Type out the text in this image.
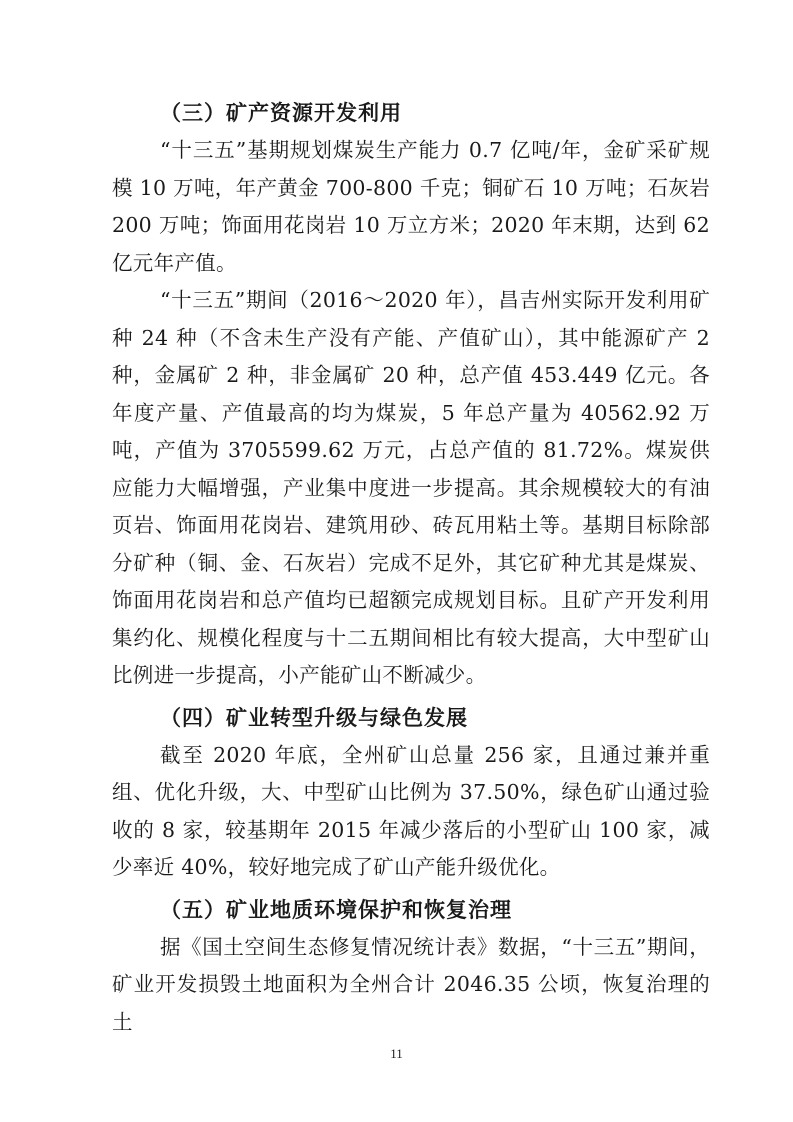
（三）矿产资源开发利用

“十三五”基期规划煤炭生产能力 0.7 亿吨/年，金矿采矿规模 10 万吨，年产黄金 700-800 千克；铜矿石 10 万吨；石灰岩 200 万吨；饰面用花岗岩 10 万立方米；2020 年末期，达到 62 亿元年产值。

“十三五”期间（2016～2020 年），昌吉州实际开发利用矿种 24 种（不含未生产没有产能、产值矿山），其中能源矿产 2 种，金属矿 2 种，非金属矿 20 种，总产值 453.449 亿元。各年度产量、产值最高的均为煤炭，5 年总产量为 40562.92 万吨，产值为 3705599.62 万元，占总产值的 81.72%。煤炭供应能力大幅增强，产业集中度进一步提高。其余规模较大的有油页岩、饰面用花岗岩、建筑用砂、砖瓦用粘土等。基期目标除部分矿种（铜、金、石灰岩）完成不足外，其它矿种尤其是煤炭、饰面用花岗岩和总产值均已超额完成规划目标。且矿产开发利用集约化、规模化程度与十二五期间相比有较大提高，大中型矿山比例进一步提高，小产能矿山不断减少。

（四）矿业转型升级与绿色发展

截至 2020 年底，全州矿山总量 256 家，且通过兼并重组、优化升级，大、中型矿山比例为 37.50%，绿色矿山通过验收的 8 家，较基期年 2015 年减少落后的小型矿山 100 家，减少率近 40%，较好地完成了矿山产能升级优化。

（五）矿业地质环境保护和恢复治理

据《国土空间生态修复情况统计表》数据，“十三五”期间，矿业开发损毁土地面积为全州合计 2046.35 公顷，恢复治理的土

11
